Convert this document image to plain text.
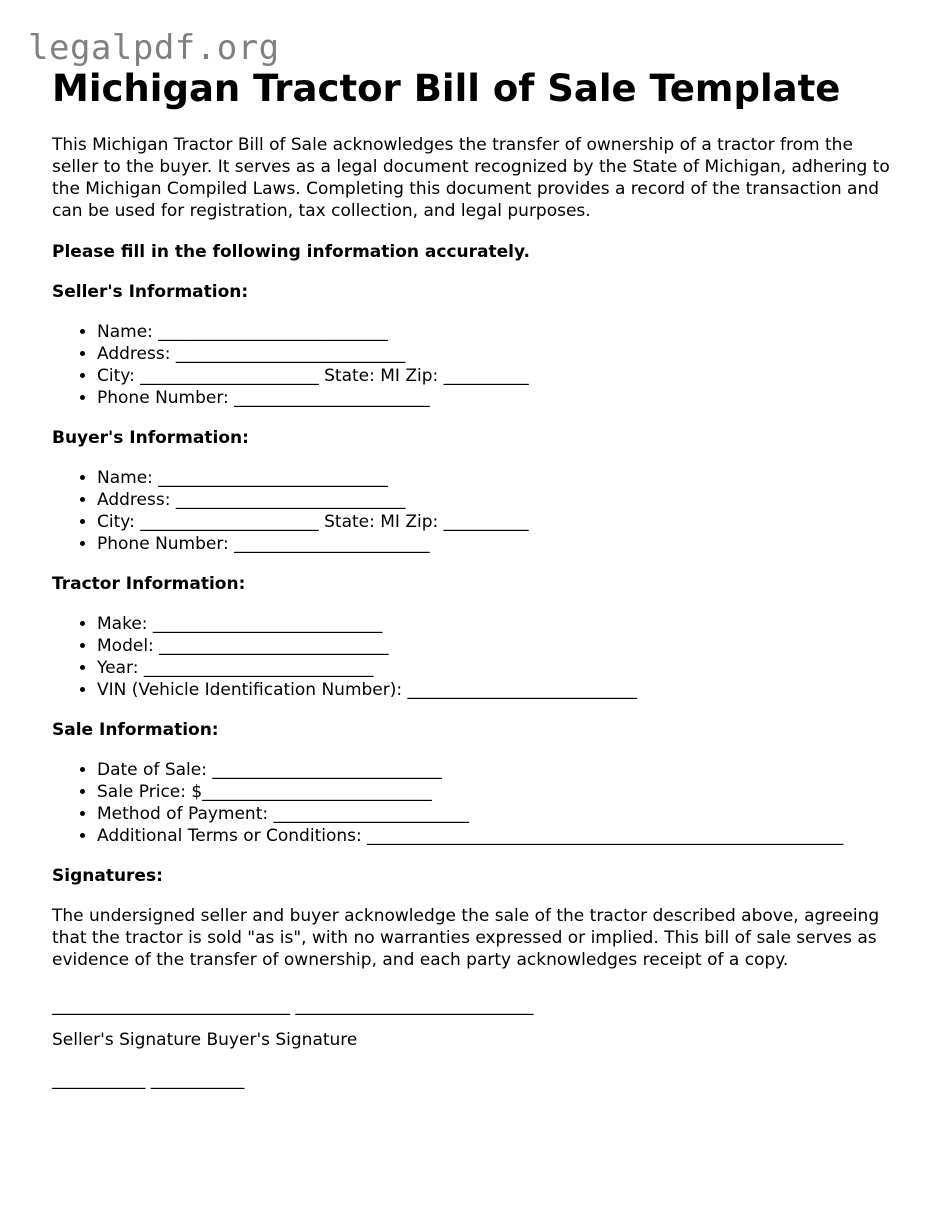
legalpdf.org
Michigan Tractor Bill of Sale Template

This Michigan Tractor Bill of Sale acknowledges the transfer of ownership of a tractor from the seller to the buyer. It serves as a legal document recognized by the State of Michigan, adhering to the Michigan Compiled Laws. Completing this document provides a record of the transaction and can be used for registration, tax collection, and legal purposes.

Please fill in the following information accurately.

Seller's Information:
• Name: ___________________________
• Address: ___________________________
• City: _____________________ State: MI Zip: __________
• Phone Number: _______________________
Buyer's Information:
• Name: ___________________________
• Address: ___________________________
• City: _____________________ State: MI Zip: __________
• Phone Number: _______________________
Tractor Information:
• Make: ___________________________
• Model: ___________________________
• Year: ___________________________
• VIN (Vehicle Identification Number): ___________________________
Sale Information:
• Date of Sale: ___________________________
• Sale Price: $___________________________
• Method of Payment: _______________________
• Additional Terms or Conditions: ________________________________________________________
Signatures:

The undersigned seller and buyer acknowledge the sale of the tractor described above, agreeing that the tractor is sold "as is", with no warranties expressed or implied. This bill of sale serves as evidence of the transfer of ownership, and each party acknowledges receipt of a copy.

____________________________ ____________________________
Seller's Signature Buyer's Signature
___________ ___________
